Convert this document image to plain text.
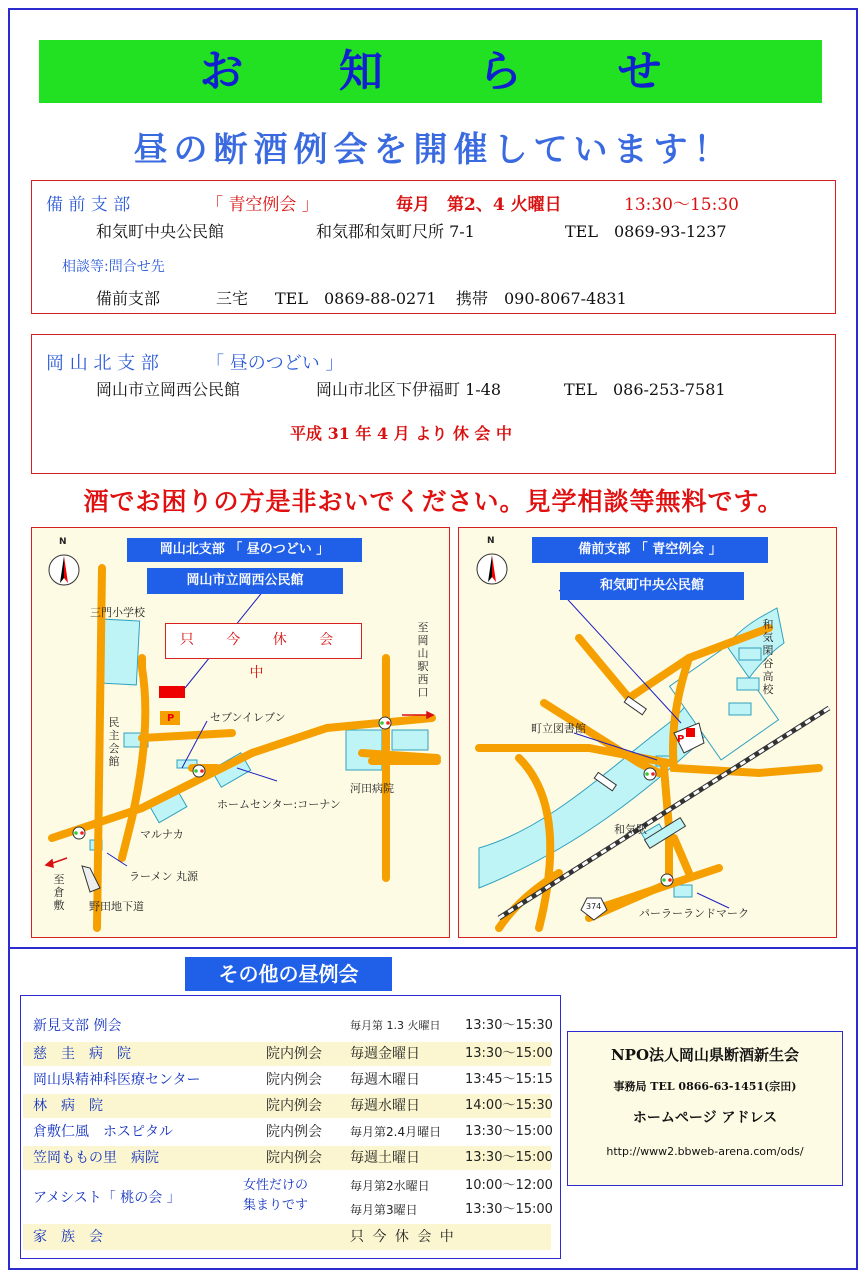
お 知 ら せ
昼の断酒例会を開催しています！
備 前 支 部	「 青空例会 」	毎月　第2、4 火曜日	13:30～15:30
和気町中央公民館	和気郡和気町尺所 7-1	TEL　0869-93-1237
相談等:問合せ先
備前支部	三宅 TEL　0869-88-0271 携帯　090-8067-4831
岡 山 北 支 部	「 昼のつどい 」
岡山市立岡西公民館	岡山市北区下伊福町 1-48	TEL　086-253-7581
平成 31 年 4 月 より 休 会 中
酒でお困りの方是非おいでください。見学相談等無料です。
N	岡山北支部 「 昼のつどい 」
岡山市立岡西公民館
只 今 休 会 中
P
三門小学校
民主会館
セブンイレブン
ホームセンター:コーナン
河田病院
マルナカ
ラーメン 丸源
野田地下道
至倉敷
至岡山駅西口
N
P
備前支部 「 青空例会 」
和気町中央公民館
和気閑谷高校
町立図書館
和気駅
パーラーランドマーク
374
その他の昼例会
新見支部 例会	毎月第 1.3 火曜日 13:30～15:30
慈　圭　病　院	院内例会 毎週金曜日	13:30～15:00
岡山県精神科医療センター	院内例会 毎週木曜日	13:45～15:15
林　病　院	院内例会 毎週水曜日	14:00～15:30
倉敷仁風　ホスピタル	院内例会 毎月第2.4月曜日 13:30～15:00
笠岡ももの里　病院	院内例会 毎週土曜日	13:30～15:00
アメシスト「 桃の会 」
女性だけの
集まりです
毎月第2水曜日	10:00～12:00
毎月第3曜日	13:30～15:00
家　族　会	只 今 休 会 中
NPO法人岡山県断酒新生会
事務局 TEL 0866-63-1451(宗田)
ホームページ アドレス
http://www2.bbweb-arena.com/ods/
